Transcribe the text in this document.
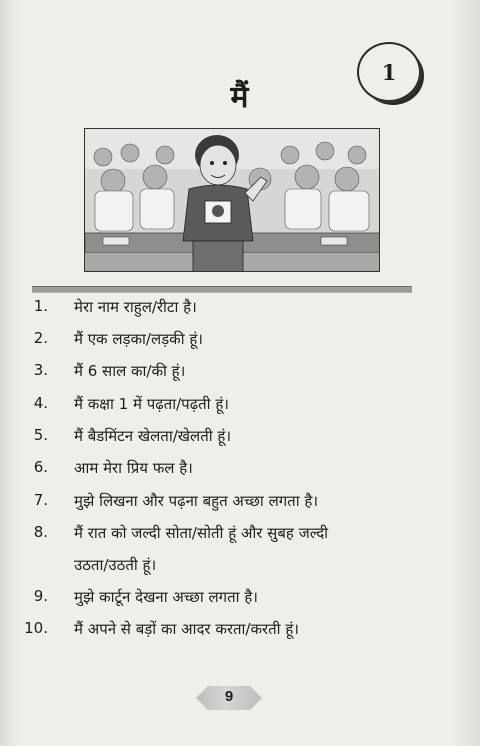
1
मैं
1. मेरा नाम राहुल/रीटा है।
2. मैं एक लड़का/लड़की हूं।
3. मैं 6 साल का/की हूं।
4. मैं कक्षा 1 में पढ़ता/पढ़ती हूं।
5. मैं बैडमिंटन खेलता/खेलती हूं।
6. आम मेरा प्रिय फल है।
7. मुझे लिखना और पढ़ना बहुत अच्छा लगता है।
8. मैं रात को जल्दी सोता/सोती हूं और सुबह जल्दी
उठता/उठती हूं।
9. मुझे कार्टून देखना अच्छा लगता है।
10. मैं अपने से बड़ों का आदर करता/करती हूं।
9
